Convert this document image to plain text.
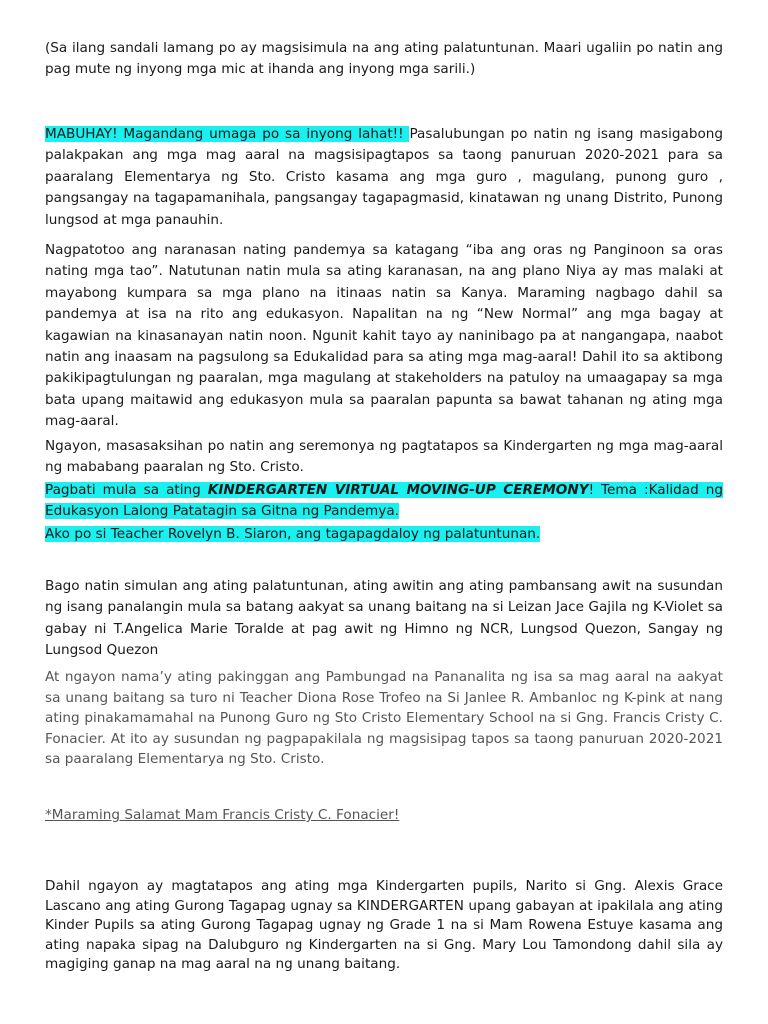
(Sa ilang sandali lamang po ay magsisimula na ang ating palatuntunan. Maari ugaliin po natin ang pag mute ng inyong mga mic at ihanda ang inyong mga sarili.)

MABUHAY! Magandang umaga po sa inyong lahat!! Pasalubungan po natin ng isang masigabong palakpakan ang mga mag aaral na magsisipagtapos sa taong panuruan 2020-2021 para sa paaralang Elementarya ng Sto. Cristo kasama ang mga guro , magulang, punong guro , pangsangay na tagapamanihala, pangsangay tagapagmasid, kinatawan ng unang Distrito, Punong lungsod at mga panauhin.

Nagpatotoo ang naranasan nating pandemya sa katagang “iba ang oras ng Panginoon sa oras nating mga tao”. Natutunan natin mula sa ating karanasan, na ang plano Niya ay mas malaki at mayabong kumpara sa mga plano na itinaas natin sa Kanya. Maraming nagbago dahil sa pandemya at isa na rito ang edukasyon. Napalitan na ng “New Normal” ang mga bagay at kagawian na kinasanayan natin noon. Ngunit kahit tayo ay naninibago pa at nangangapa, naabot natin ang inaasam na pagsulong sa Edukalidad para sa ating mga mag-aaral! Dahil ito sa aktibong pakikipagtulungan ng paaralan, mga magulang at stakeholders na patuloy na umaagapay sa mga bata upang maitawid ang edukasyon mula sa paaralan papunta sa bawat tahanan ng ating mga mag-aaral.

Ngayon, masasaksihan po natin ang seremonya ng pagtatapos sa Kindergarten ng mga mag-aaral ng mababang paaralan ng Sto. Cristo.

Pagbati mula sa ating KINDERGARTEN VIRTUAL MOVING-UP CEREMONY! Tema :Kalidad ng Edukasyon Lalong Patatagin sa Gitna ng Pandemya.

Ako po si Teacher Rovelyn B. Siaron, ang tagapagdaloy ng palatuntunan.

Bago natin simulan ang ating palatuntunan, ating awitin ang ating pambansang awit na susundan ng isang panalangin mula sa batang aakyat sa unang baitang na si Leizan Jace Gajila ng K-Violet sa gabay ni T.Angelica Marie Toralde at pag awit ng Himno ng NCR, Lungsod Quezon, Sangay ng Lungsod Quezon

At ngayon nama’y ating pakinggan ang Pambungad na Pananalita ng isa sa mag aaral na aakyat sa unang baitang sa turo ni Teacher Diona Rose Trofeo na Si Janlee R. Ambanloc ng K-pink at nang ating pinakamamahal na Punong Guro ng Sto Cristo Elementary School na si Gng. Francis Cristy C. Fonacier. At ito ay susundan ng pagpapakilala ng magsisipag tapos sa taong panuruan 2020-2021 sa paaralang Elementarya ng Sto. Cristo.

*Maraming Salamat Mam Francis Cristy C. Fonacier!

Dahil ngayon ay magtatapos ang ating mga Kindergarten pupils, Narito si Gng. Alexis Grace Lascano ang ating Gurong Tagapag ugnay sa KINDERGARTEN upang gabayan at ipakilala ang ating Kinder Pupils sa ating Gurong Tagapag ugnay ng Grade 1 na si Mam Rowena Estuye kasama ang ating napaka sipag na Dalubguro ng Kindergarten na si Gng. Mary Lou Tamondong dahil sila ay magiging ganap na mag aaral na ng unang baitang.
